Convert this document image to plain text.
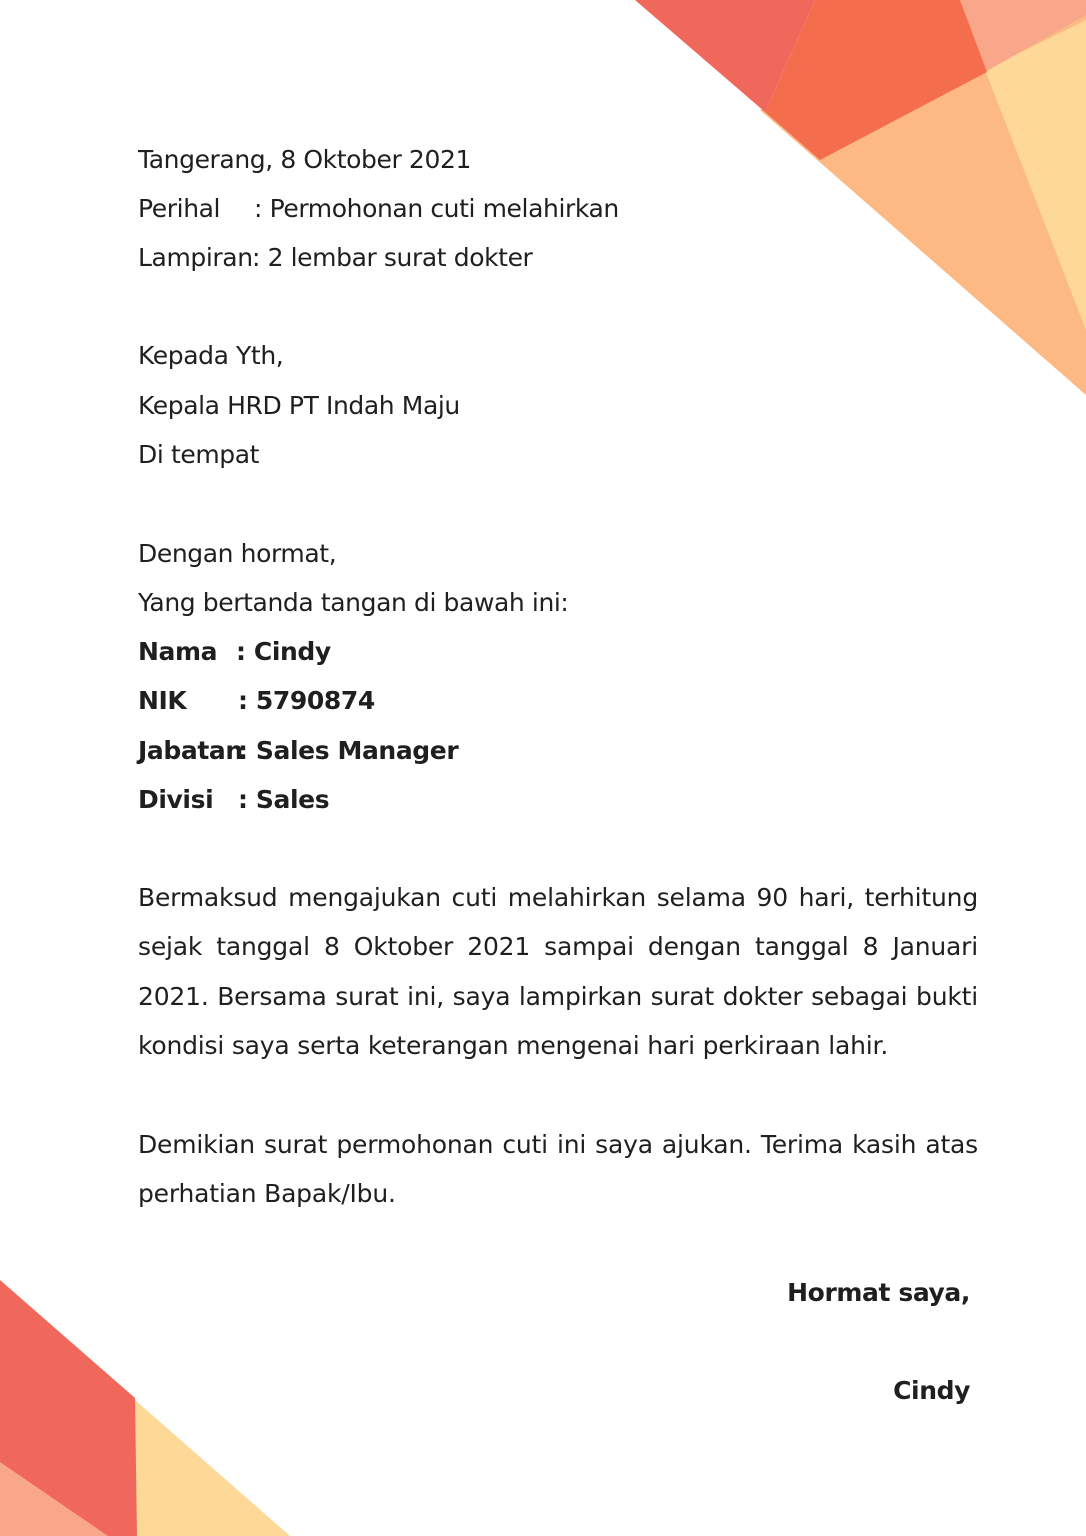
Tangerang, 8 Oktober 2021
Perihal : Permohonan cuti melahirkan
Lampiran: 2 lembar surat dokter
Kepada Yth,
Kepala HRD PT Indah Maju
Di tempat
Dengan hormat,
Yang bertanda tangan di bawah ini:
Nama : Cindy
NIK : 5790874
Jabatan: Sales Manager
Divisi : Sales
Bermaksud mengajukan cuti melahirkan selama 90 hari, terhitung sejak tanggal 8 Oktober 2021 sampai dengan tanggal 8 Januari 2021. Bersama surat ini, saya lampirkan surat dokter sebagai bukti kondisi saya serta keterangan mengenai hari perkiraan lahir.
Demikian surat permohonan cuti ini saya ajukan. Terima kasih atas perhatian Bapak/Ibu.
Hormat saya,
Cindy
